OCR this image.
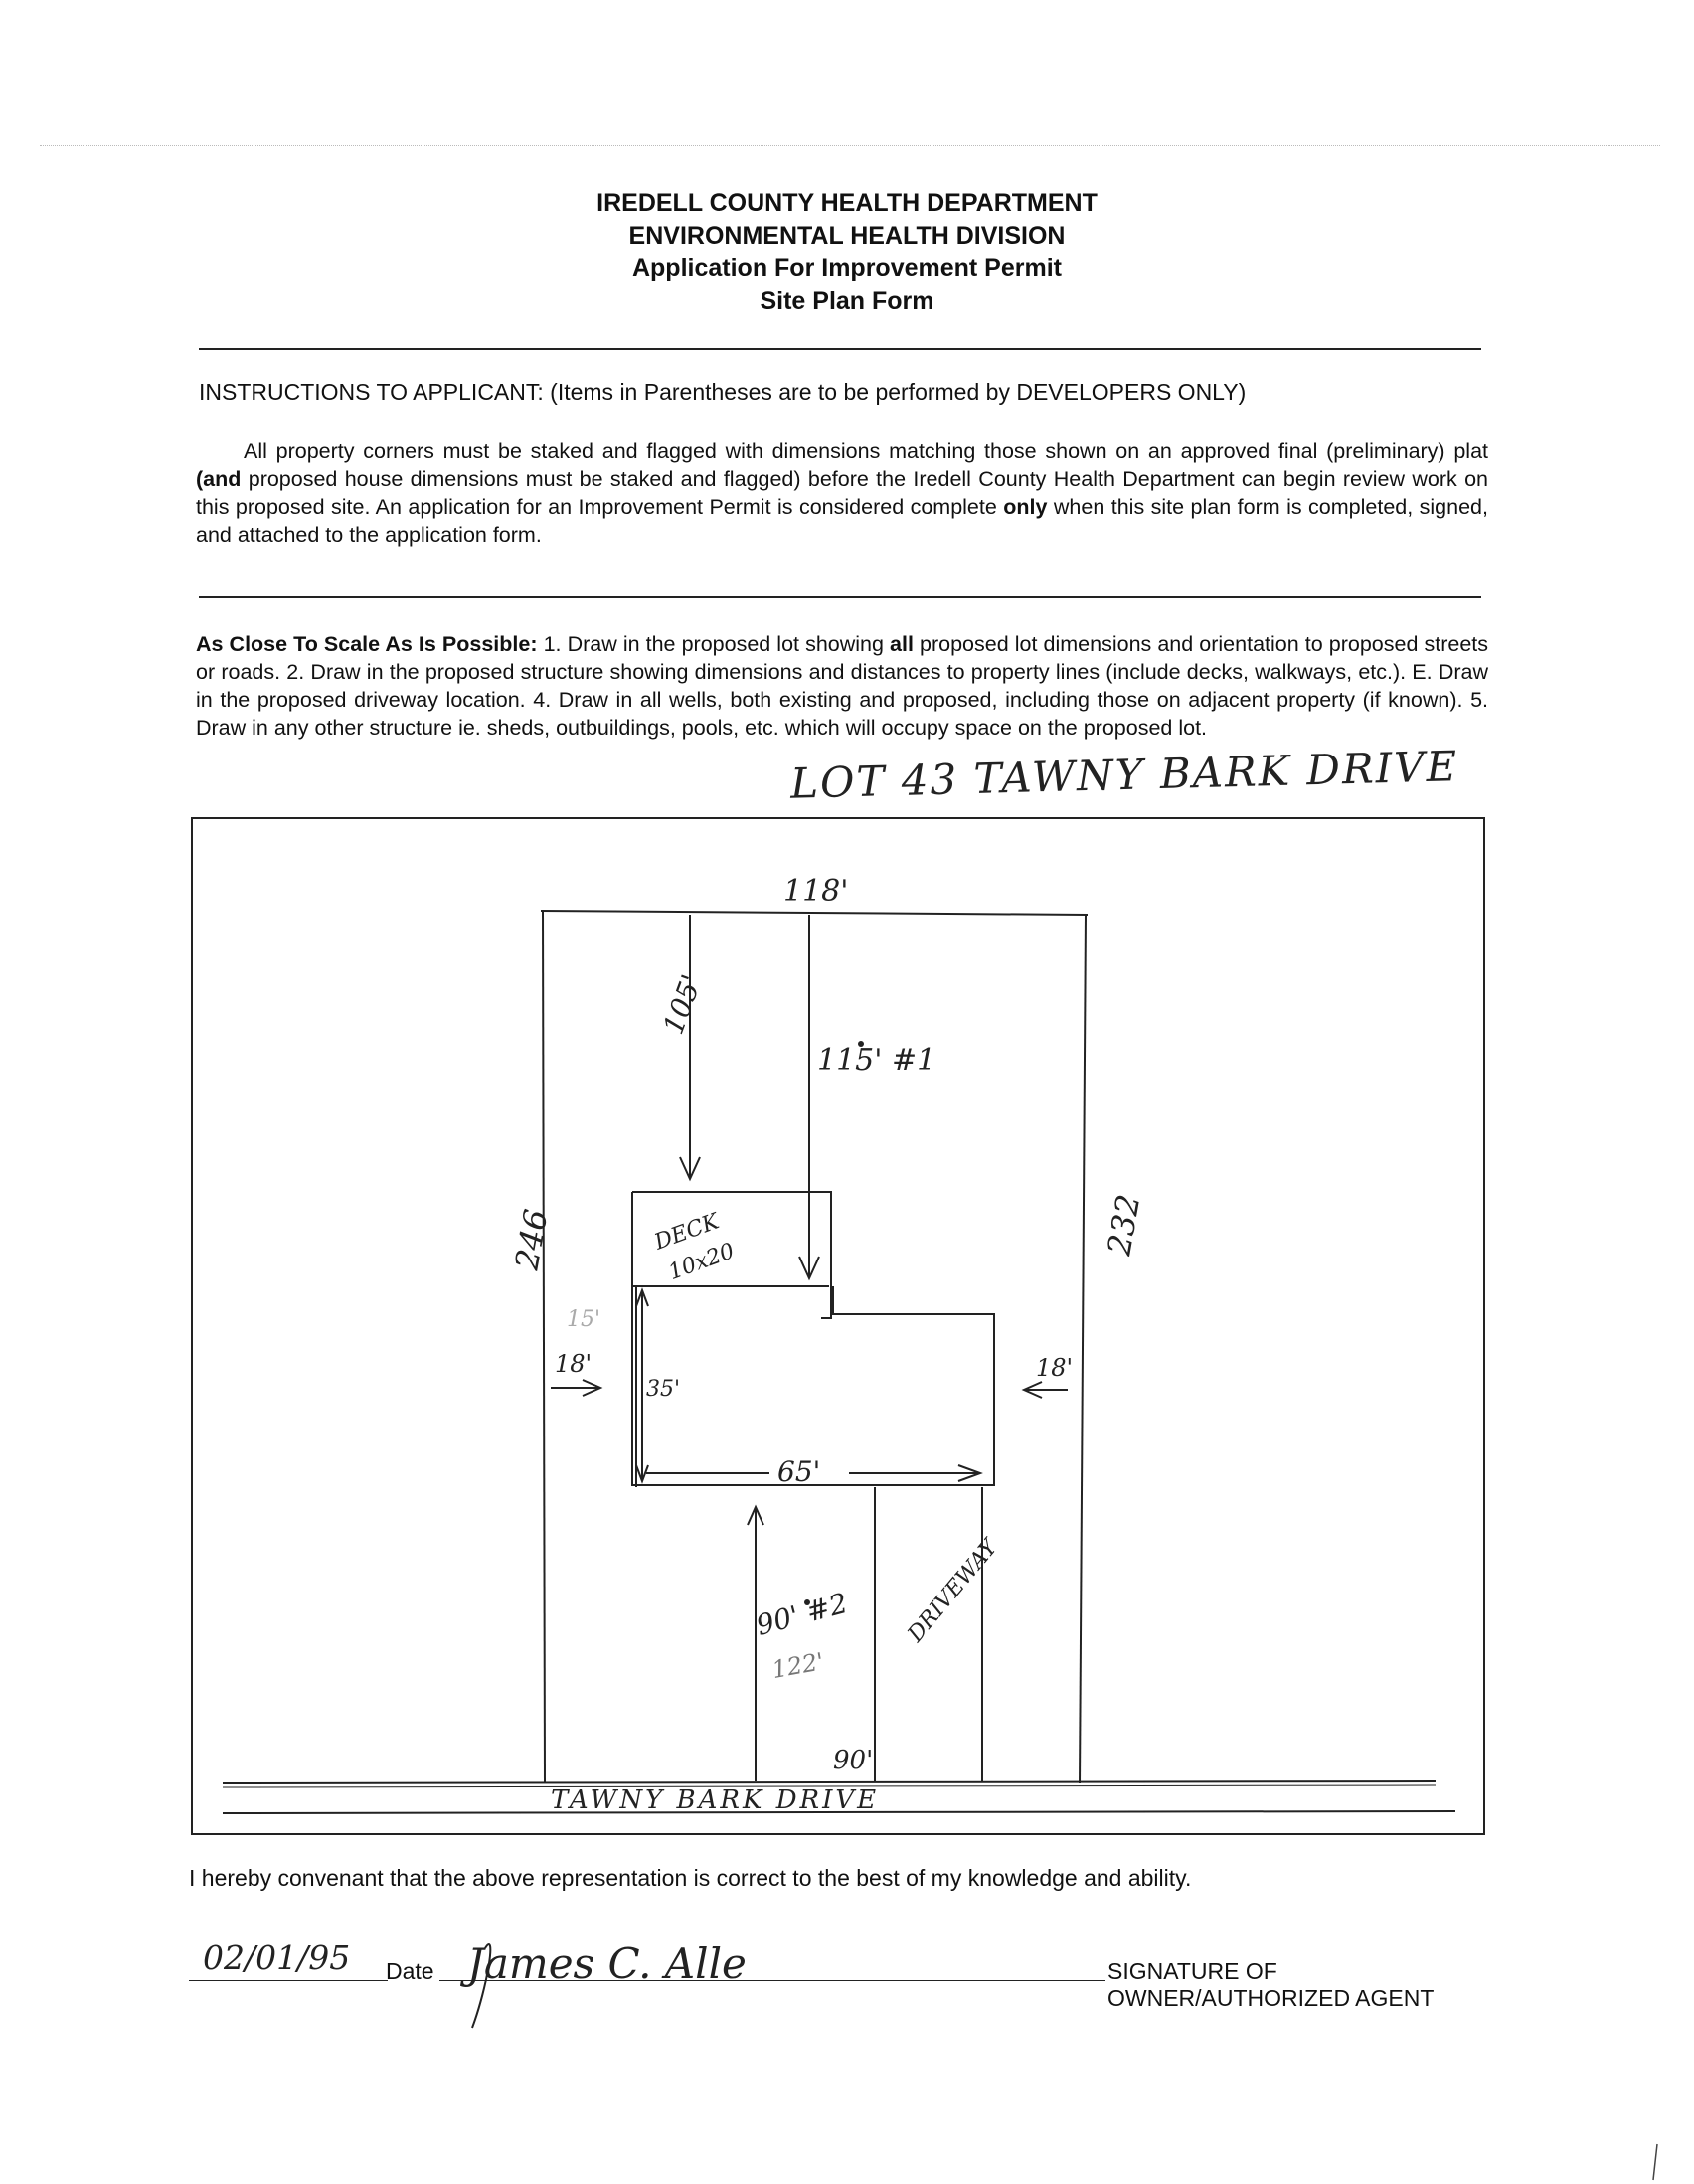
IREDELL COUNTY HEALTH DEPARTMENT
ENVIRONMENTAL HEALTH DIVISION
Application For Improvement Permit
Site Plan Form
INSTRUCTIONS TO APPLICANT: (Items in Parentheses are to be performed by DEVELOPERS ONLY)
All property corners must be staked and flagged with dimensions matching those shown on an approved final (preliminary) plat (and proposed house dimensions must be staked and flagged) before the Iredell County Health Department can begin review work on this proposed site. An application for an Improvement Permit is considered complete only when this site plan form is completed, signed, and attached to the application form.
As Close To Scale As Is Possible: 1. Draw in the proposed lot showing all proposed lot dimensions and orientation to proposed streets or roads. 2. Draw in the proposed structure showing dimensions and distances to property lines (include decks, walkways, etc.). E. Draw in the proposed driveway location. 4. Draw in all wells, both existing and proposed, including those on adjacent property (if known). 5. Draw in any other structure ie. sheds, outbuildings, pools, etc. which will occupy space on the proposed lot.
LOT 43 TAWNY BARK DRIVE
118'
105'
115' #1
246	232
DECK
10x20
15'
18'
35'
18'
65'
90' #2
122'
DRIVEWAY
90'
TAWNY BARK DRIVE
I hereby convenant that the above representation is correct to the best of my knowledge and ability.
02/01/95 Date James C. Alle	SIGNATURE OF OWNER/AUTHORIZED AGENT
